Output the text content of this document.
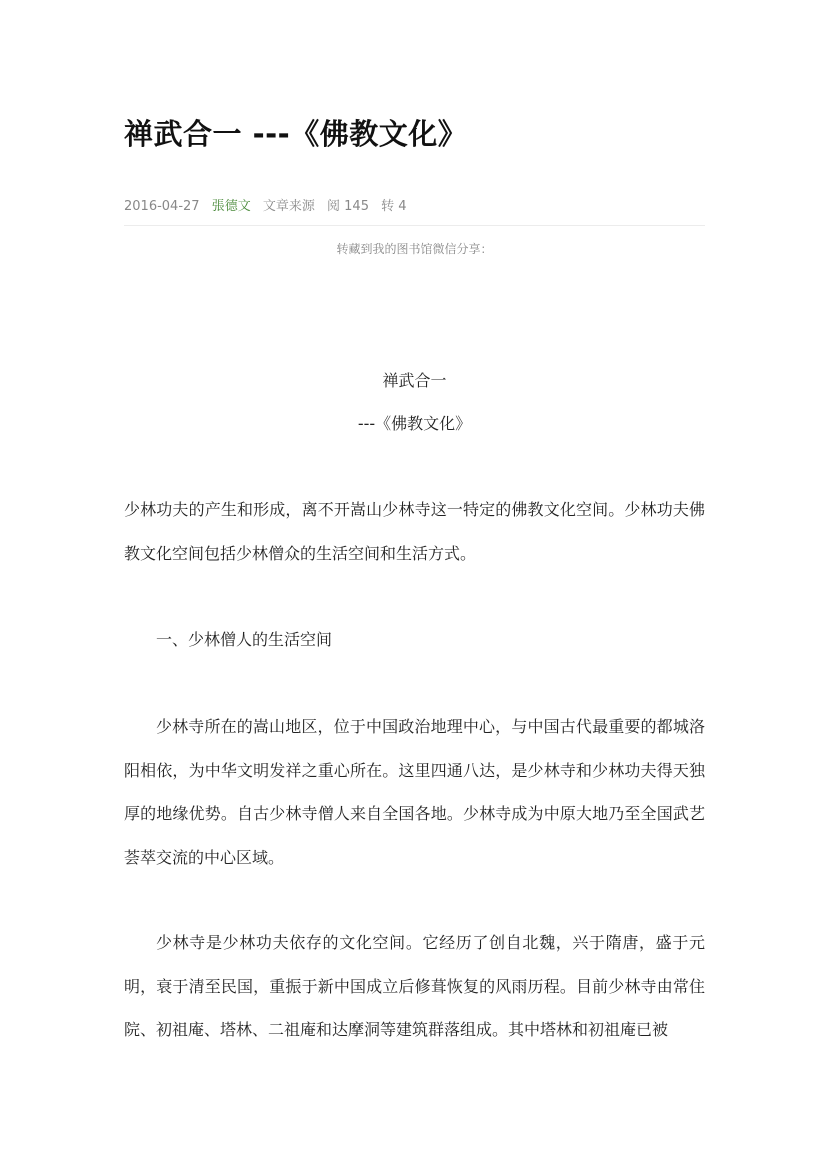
禅武合一 ---《佛教文化》
2016-04-27 張德文 文章来源 阅 145 转 4
转藏到我的图书馆微信分享：
禅武合一
---《佛教文化》

少林功夫的产生和形成，离不开嵩山少林寺这一特定的佛教文化空间。少林功夫佛教文化空间包括少林僧众的生活空间和生活方式。

一、少林僧人的生活空间

少林寺所在的嵩山地区，位于中国政治地理中心，与中国古代最重要的都城洛阳相依，为中华文明发祥之重心所在。这里四通八达，是少林寺和少林功夫得天独厚的地缘优势。自古少林寺僧人来自全国各地。少林寺成为中原大地乃至全国武艺荟萃交流的中心区域。

少林寺是少林功夫依存的文化空间。它经历了创自北魏，兴于隋唐，盛于元明，衰于清至民国，重振于新中国成立后修葺恢复的风雨历程。目前少林寺由常住院、初祖庵、塔林、二祖庵和达摩洞等建筑群落组成。其中塔林和初祖庵已被
